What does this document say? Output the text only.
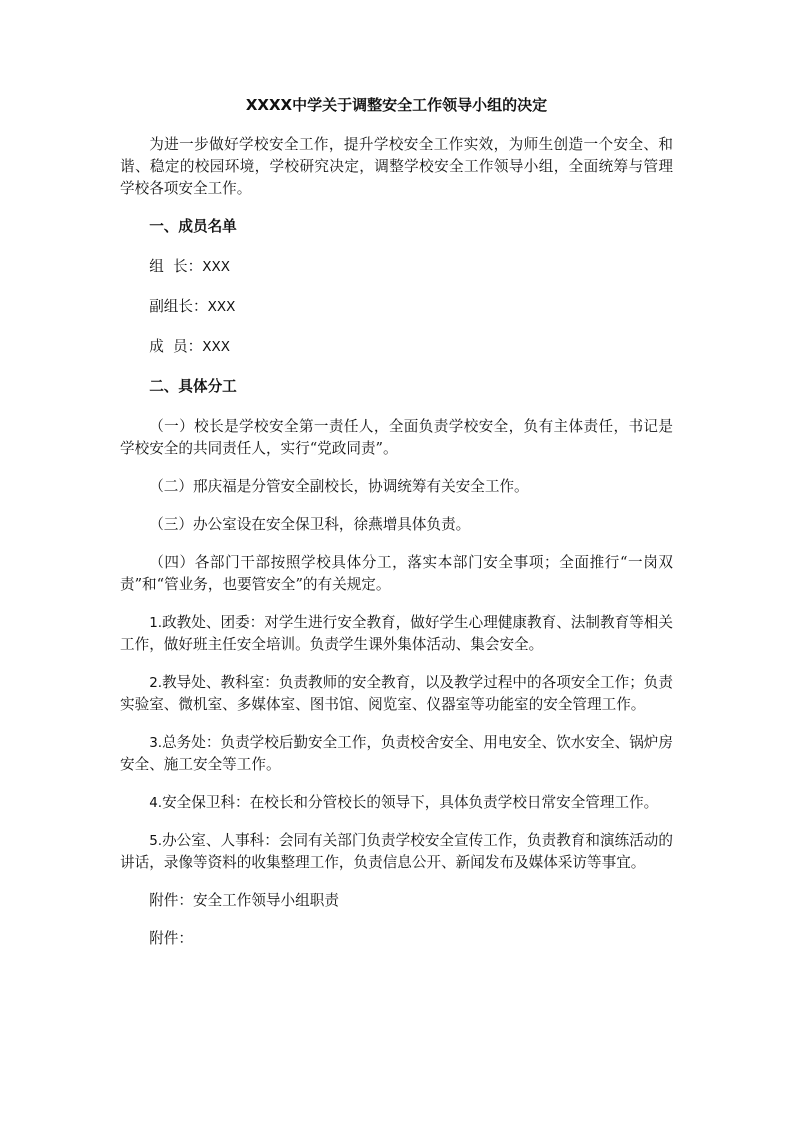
XXXX中学关于调整安全工作领导小组的决定

为进一步做好学校安全工作，提升学校安全工作实效，为师生创造一个安全、和谐、稳定的校园环境，学校研究决定，调整学校安全工作领导小组，全面统筹与管理学校各项安全工作。

一、成员名单
组  长：XXX
副组长：XXX
成  员：XXX
二、具体分工

（一）校长是学校安全第一责任人，全面负责学校安全，负有主体责任，书记是学校安全的共同责任人，实行“党政同责”。

（二）邢庆福是分管安全副校长，协调统筹有关安全工作。

（三）办公室设在安全保卫科，徐燕增具体负责。

（四）各部门干部按照学校具体分工，落实本部门安全事项；全面推行“一岗双责”和“管业务，也要管安全”的有关规定。

1.政教处、团委：对学生进行安全教育，做好学生心理健康教育、法制教育等相关工作，做好班主任安全培训。负责学生课外集体活动、集会安全。

2.教导处、教科室：负责教师的安全教育，以及教学过程中的各项安全工作；负责实验室、微机室、多媒体室、图书馆、阅览室、仪器室等功能室的安全管理工作。

3.总务处：负责学校后勤安全工作，负责校舍安全、用电安全、饮水安全、锅炉房安全、施工安全等工作。

4.安全保卫科：在校长和分管校长的领导下，具体负责学校日常安全管理工作。

5.办公室、人事科：会同有关部门负责学校安全宣传工作，负责教育和演练活动的讲话，录像等资料的收集整理工作，负责信息公开、新闻发布及媒体采访等事宜。

附件：安全工作领导小组职责

附件：
